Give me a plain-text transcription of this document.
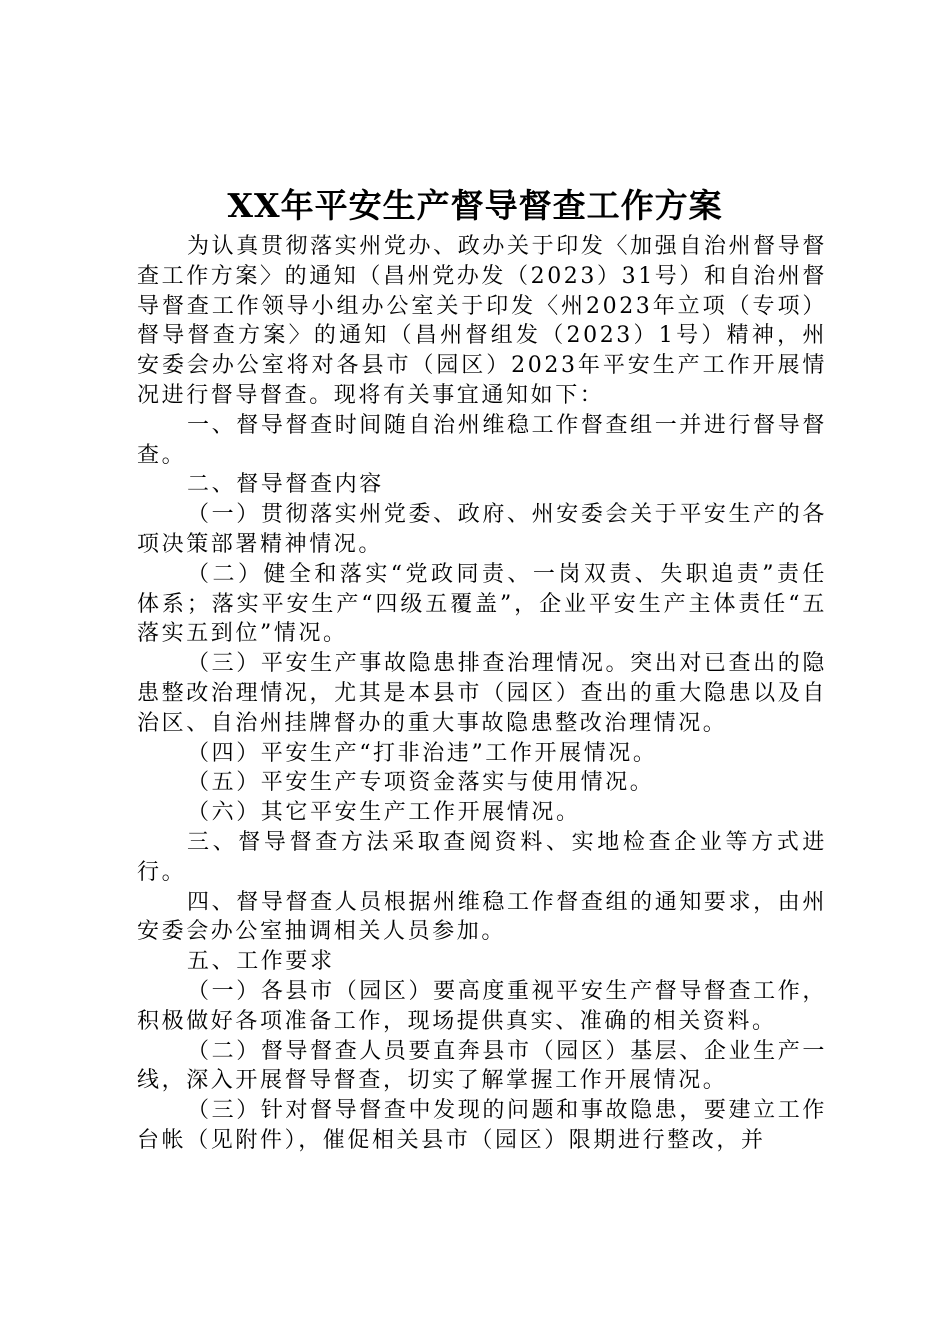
XX年平安生产督导督查工作方案

为认真贯彻落实州党办、政办关于印发〈加强自治州督导督查工作方案〉的通知（昌州党办发（2023）31号）和自治州督导督查工作领导小组办公室关于印发〈州2023年立项（专项）督导督查方案〉的通知（昌州督组发（2023）1号）精神，州安委会办公室将对各县市（园区）2023年平安生产工作开展情况进行督导督查。现将有关事宜通知如下：

一、督导督查时间随自治州维稳工作督查组一并进行督导督查。

二、督导督查内容

（一）贯彻落实州党委、政府、州安委会关于平安生产的各项决策部署精神情况。

（二）健全和落实“党政同责、一岗双责、失职追责”责任体系；落实平安生产“四级五覆盖”，企业平安生产主体责任“五落实五到位”情况。

（三）平安生产事故隐患排查治理情况。突出对已查出的隐患整改治理情况，尤其是本县市（园区）查出的重大隐患以及自治区、自治州挂牌督办的重大事故隐患整改治理情况。

（四）平安生产“打非治违”工作开展情况。

（五）平安生产专项资金落实与使用情况。

（六）其它平安生产工作开展情况。

三、督导督查方法采取查阅资料、实地检查企业等方式进行。

四、督导督查人员根据州维稳工作督查组的通知要求，由州安委会办公室抽调相关人员参加。

五、工作要求

（一）各县市（园区）要高度重视平安生产督导督查工作，积极做好各项准备工作，现场提供真实、准确的相关资料。

（二）督导督查人员要直奔县市（园区）基层、企业生产一线，深入开展督导督查，切实了解掌握工作开展情况。

（三）针对督导督查中发现的问题和事故隐患，要建立工作台帐（见附件），催促相关县市（园区）限期进行整改，并
